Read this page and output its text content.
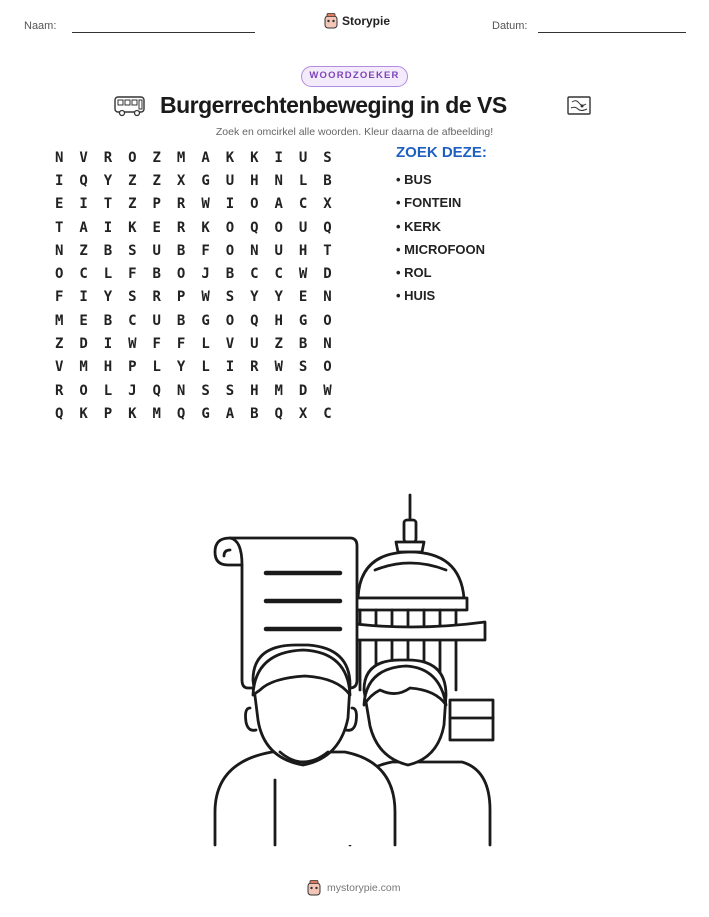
Naam:	Storypie	Datum:
WOORDZOEKER
Burgerrechtenbeweging in de VS
Zoek en omcirkel alle woorden. Kleur daarna de afbeelding!
N	V	R	O	Z	M	A	K	K	I	U	S
I	Q	Y	Z	Z	X	G	U	H	N	L	B
E	I	T	Z	P	R	W	I	O	A	C	X
T	A	I	K	E	R	K	O	Q	O	U	Q
N	Z	B	S	U	B	F	O	N	U	H	T
O	C	L	F	B	O	J	B	C	C	W	D
F	I	Y	S	R	P	W	S	Y	Y	E	N
M	E	B	C	U	B	G	O	Q	H	G	O
Z	D	I	W	F	F	L	V	U	Z	B	N
V	M	H	P	L	Y	L	I	R	W	S	O
R	O	L	J	Q	N	S	S	H	M	D	W
Q	K	P	K	M	Q	G	A	B	Q	X	C
ZOEK DEZE:
• BUS
• FONTEIN
• KERK
• MICROFOON
• ROL
• HUIS
mystorypie.com
